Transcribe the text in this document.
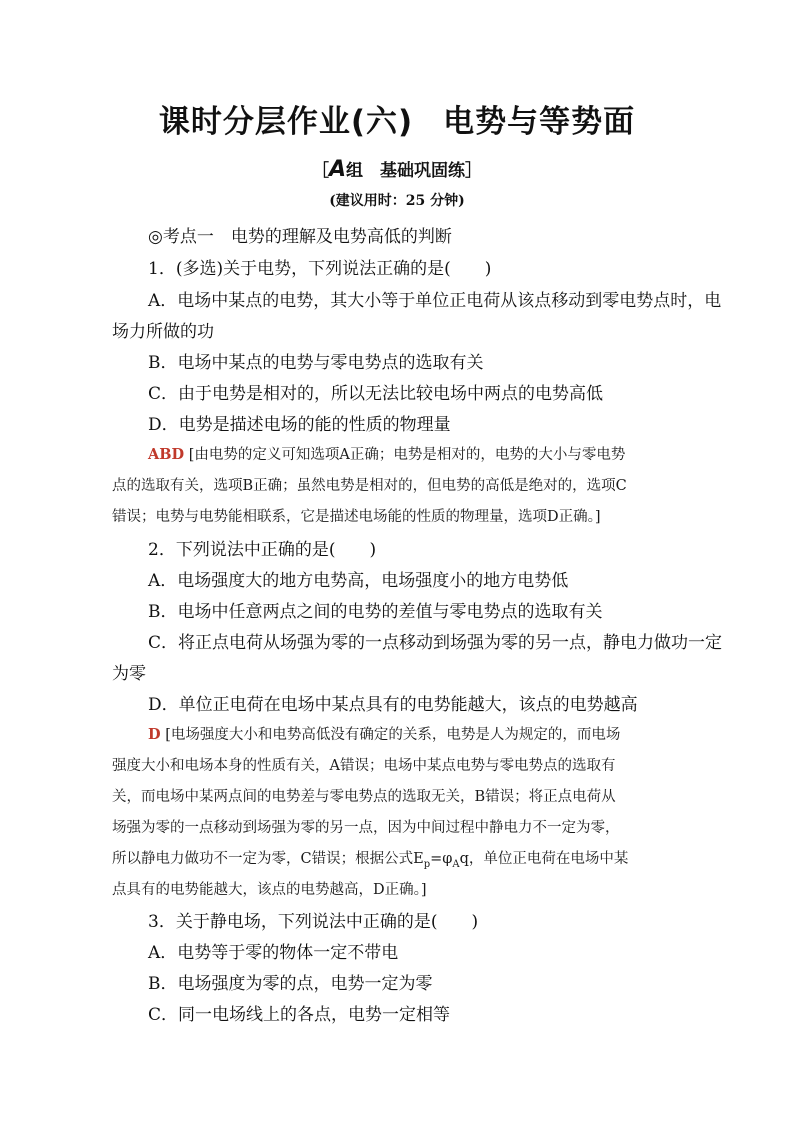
课时分层作业(六) 电势与等势面
［A组　基础巩固练］
(建议用时：25 分钟)
◎考点一　电势的理解及电势高低的判断
1．(多选)关于电势，下列说法正确的是(　　)
A．电场中某点的电势，其大小等于单位正电荷从该点移动到零电势点时，电
场力所做的功
B．电场中某点的电势与零电势点的选取有关
C．由于电势是相对的，所以无法比较电场中两点的电势高低
D．电势是描述电场的能的性质的物理量
ABD [由电势的定义可知选项A正确；电势是相对的，电势的大小与零电势
点的选取有关，选项B正确；虽然电势是相对的，但电势的高低是绝对的，选项C
错误；电势与电势能相联系，它是描述电场能的性质的物理量，选项D正确。]
2．下列说法中正确的是(　　)
A．电场强度大的地方电势高，电场强度小的地方电势低
B．电场中任意两点之间的电势的差值与零电势点的选取有关
C．将正点电荷从场强为零的一点移动到场强为零的另一点，静电力做功一定
为零
D．单位正电荷在电场中某点具有的电势能越大，该点的电势越高
D [电场强度大小和电势高低没有确定的关系，电势是人为规定的，而电场
强度大小和电场本身的性质有关，A错误；电场中某点电势与零电势点的选取有
关，而电场中某两点间的电势差与零电势点的选取无关，B错误；将正点电荷从
场强为零的一点移动到场强为零的另一点，因为中间过程中静电力不一定为零，
所以静电力做功不一定为零，C错误；根据公式$E_p=\varphi_Aq$，单位正电荷在电场中某
点具有的电势能越大，该点的电势越高，D正确。]
3．关于静电场，下列说法中正确的是(　　)
A．电势等于零的物体一定不带电
B．电场强度为零的点，电势一定为零
C．同一电场线上的各点，电势一定相等
